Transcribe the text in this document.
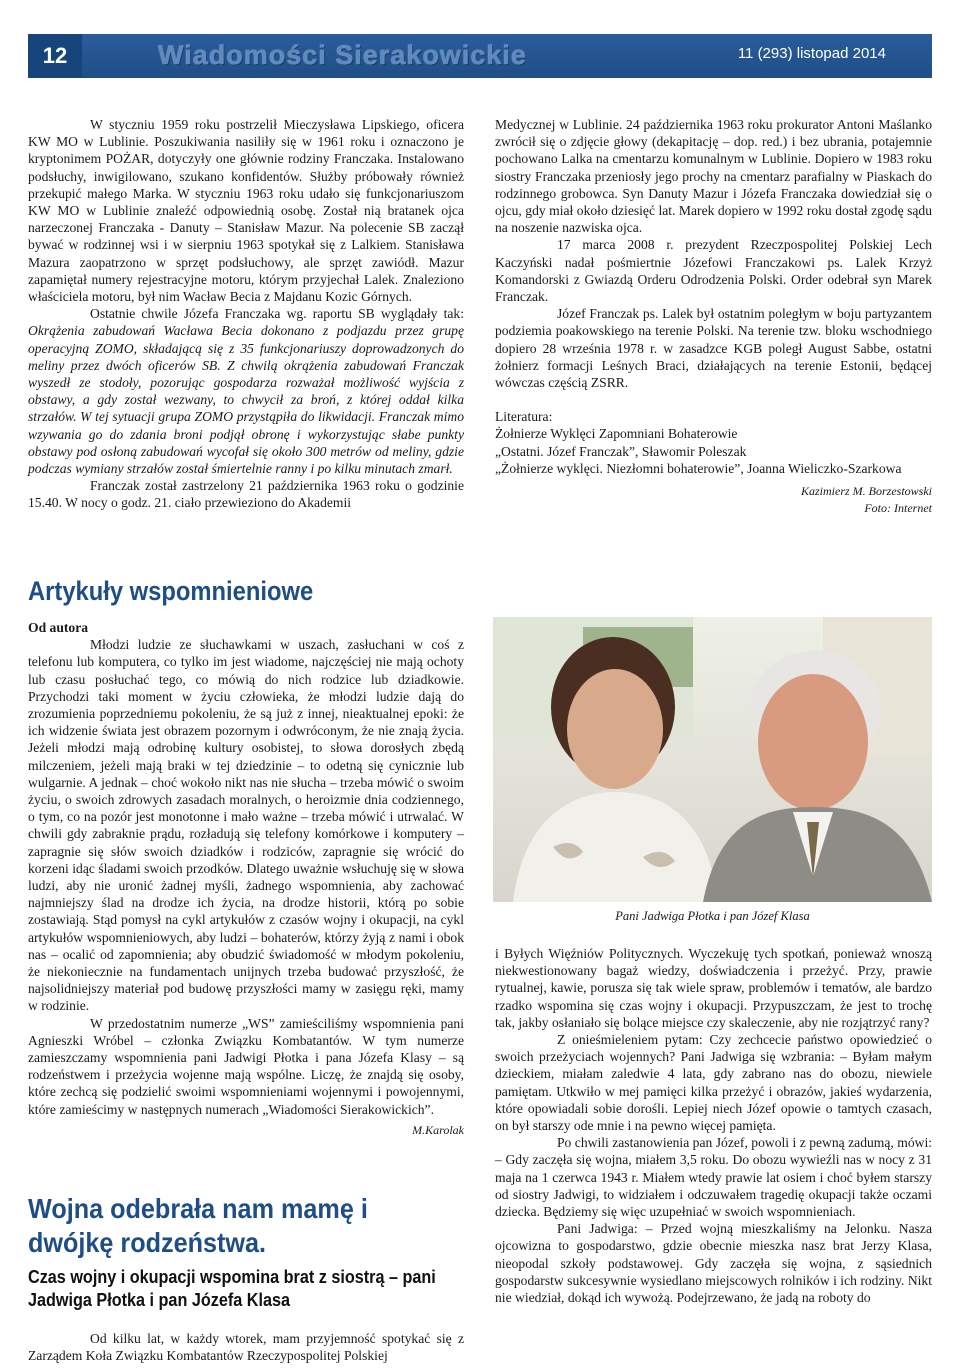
12	Wiadomości Sierakowickie	11 (293) listopad 2014

W styczniu 1959 roku postrzelił Mieczysława Lipskiego, oficera KW MO w Lublinie. Poszukiwania nasiliły się w 1961 roku i oznaczono je kryptonimem POŻAR, dotyczyły one głównie rodziny Franczaka. Instalowano podsłuchy, inwigilowano, szukano konfidentów. Służby próbowały również przekupić małego Marka. W styczniu 1963 roku udało się funkcjonariuszom KW MO w Lublinie znaleźć odpowiednią osobę. Został nią bratanek ojca narzeczonej Franczaka - Danuty – Stanisław Mazur. Na polecenie SB zaczął bywać w rodzinnej wsi i w sierpniu 1963 spotykał się z Lalkiem. Stanisława Mazura zaopatrzono w sprzęt podsłuchowy, ale sprzęt zawiódł. Mazur zapamiętał numery rejestracyjne motoru, którym przyjechał Lalek. Znaleziono właściciela motoru, był nim Wacław Becia z Majdanu Kozic Górnych.

Ostatnie chwile Józefa Franczaka wg. raportu SB wyglądały tak: Okrążenia zabudowań Wacława Becia dokonano z podjazdu przez grupę operacyjną ZOMO, składającą się z 35 funkcjonariuszy doprowadzonych do meliny przez dwóch oficerów SB. Z chwilą okrążenia zabudowań Franczak wyszedł ze stodoły, pozorując gospodarza rozważał możliwość wyjścia z obstawy, a gdy został wezwany, to chwycił za broń, z której oddał kilka strzałów. W tej sytuacji grupa ZOMO przystąpiła do likwidacji. Franczak mimo wzywania go do zdania broni podjął obronę i wykorzystując słabe punkty obstawy pod osłoną zabudowań wycofał się około 300 metrów od meliny, gdzie podczas wymiany strzałów został śmiertelnie ranny i po kilku minutach zmarł.

Franczak został zastrzelony 21 października 1963 roku o godzinie 15.40. W nocy o godz. 21. ciało przewieziono do Akademii

Medycznej w Lublinie. 24 października 1963 roku prokurator Antoni Maślanko zwrócił się o zdjęcie głowy (dekapitację – dop. red.) i bez ubrania, potajemnie pochowano Lalka na cmentarzu komunalnym w Lublinie. Dopiero w 1983 roku siostry Franczaka przeniosły jego prochy na cmentarz parafialny w Piaskach do rodzinnego grobowca. Syn Danuty Mazur i Józefa Franczaka dowiedział się o ojcu, gdy miał około dziesięć lat. Marek dopiero w 1992 roku dostał zgodę sądu na noszenie nazwiska ojca.

17 marca 2008 r. prezydent Rzeczpospolitej Polskiej Lech Kaczyński nadał pośmiertnie Józefowi Franczakowi ps. Lalek Krzyż Komandorski z Gwiazdą Orderu Odrodzenia Polski. Order odebrał syn Marek Franczak.

Józef Franczak ps. Lalek był ostatnim poległym w boju partyzantem podziemia poakowskiego na terenie Polski. Na terenie tzw. bloku wschodniego dopiero 28 września 1978 r. w zasadzce KGB poległ August Sabbe, ostatni żołnierz formacji Leśnych Braci, działających na terenie Estonii, będącej wówczas częścią ZSRR.

Literatura:

Żołnierze Wyklęci Zapomniani Bohaterowie

„Ostatni. Józef Franczak”, Sławomir Poleszak

„Żołnierze wyklęci. Niezłomni bohaterowie”, Joanna Wieliczko-Szarkowa

Kazimierz M. Borzestowski

Foto: Internet

Artykuły wspomnieniowe

Od autora

Młodzi ludzie ze słuchawkami w uszach, zasłuchani w coś z telefonu lub komputera, co tylko im jest wiadome, najczęściej nie mają ochoty lub czasu posłuchać tego, co mówią do nich rodzice lub dziadkowie. Przychodzi taki moment w życiu człowieka, że młodzi ludzie dają do zrozumienia poprzedniemu pokoleniu, że są już z innej, nieaktualnej epoki: że ich widzenie świata jest obrazem pozornym i odwróconym, że nie znają życia. Jeżeli młodzi mają odrobinę kultury osobistej, to słowa dorosłych zbędą milczeniem, jeżeli mają braki w tej dziedzinie – to odetną się cynicznie lub wulgarnie. A jednak – choć wokoło nikt nas nie słucha – trzeba mówić o swoim życiu, o swoich zdrowych zasadach moralnych, o heroizmie dnia codziennego, o tym, co na pozór jest monotonne i mało ważne – trzeba mówić i utrwalać. W chwili gdy zabraknie prądu, rozładują się telefony komórkowe i komputery – zapragnie się słów swoich dziadków i rodziców, zapragnie się wrócić do korzeni idąc śladami swoich przodków. Dlatego uważnie wsłuchuję się w słowa ludzi, aby nie uronić żadnej myśli, żadnego wspomnienia, aby zachować najmniejszy ślad na drodze ich życia, na drodze historii, którą po sobie zostawiają. Stąd pomysł na cykl artykułów z czasów wojny i okupacji, na cykl artykułów wspomnieniowych, aby ludzi – bohaterów, którzy żyją z nami i obok nas – ocalić od zapomnienia; aby obudzić świadomość w młodym pokoleniu, że niekoniecznie na fundamentach unijnych trzeba budować przyszłość, że najsolidniejszy materiał pod budowę przyszłości mamy w zasięgu ręki, mamy w rodzinie.

W przedostatnim numerze „WS” zamieściliśmy wspomnienia pani Agnieszki Wróbel – członka Związku Kombatantów. W tym numerze zamieszczamy wspomnienia pani Jadwigi Płotka i pana Józefa Klasy – są rodzeństwem i przeżycia wojenne mają wspólne. Liczę, że znajdą się osoby, które zechcą się podzielić swoimi wspomnieniami wojennymi i powojennymi, które zamieścimy w następnych numerach „Wiadomości Sierakowickich”.

M.Karolak

Wojna odebrała nam mamę i dwójkę rodzeństwa.
Czas wojny i okupacji wspomina brat z siostrą – pani Jadwiga Płotka i pan Józefa Klasa

Od kilku lat, w każdy wtorek, mam przyjemność spotykać się z Zarządem Koła Związku Kombatantów Rzeczypospolitej Polskiej

Pani Jadwiga Płotka i pan Józef Klasa

i Byłych Więźniów Politycznych. Wyczekuję tych spotkań, ponieważ wnoszą niekwestionowany bagaż wiedzy, doświadczenia i przeżyć. Przy, prawie rytualnej, kawie, porusza się tak wiele spraw, problemów i tematów, ale bardzo rzadko wspomina się czas wojny i okupacji. Przypuszczam, że jest to trochę tak, jakby osłaniało się bolące miejsce czy skaleczenie, aby nie rozjątrzyć rany?

Z onieśmieleniem pytam: Czy zechcecie państwo opowiedzieć o swoich przeżyciach wojennych? Pani Jadwiga się wzbrania: – Byłam małym dzieckiem, miałam zaledwie 4 lata, gdy zabrano nas do obozu, niewiele pamiętam. Utkwiło w mej pamięci kilka przeżyć i obrazów, jakieś wydarzenia, które opowiadali sobie dorośli. Lepiej niech Józef opowie o tamtych czasach, on był starszy ode mnie i na pewno więcej pamięta.

Po chwili zastanowienia pan Józef, powoli i z pewną zadumą, mówi: – Gdy zaczęła się wojna, miałem 3,5 roku. Do obozu wywieźli nas w nocy z 31 maja na 1 czerwca 1943 r. Miałem wtedy prawie lat osiem i choć byłem starszy od siostry Jadwigi, to widziałem i odczuwałem tragedię okupacji także oczami dziecka. Będziemy się więc uzupełniać w swoich wspomnieniach.

Pani Jadwiga: – Przed wojną mieszkaliśmy na Jelonku. Nasza ojcowizna to gospodarstwo, gdzie obecnie mieszka nasz brat Jerzy Klasa, nieopodal szkoły podstawowej. Gdy zaczęła się wojna, z sąsiednich gospodarstw sukcesywnie wysiedlano miejscowych rolników i ich rodziny. Nikt nie wiedział, dokąd ich wywożą. Podejrzewano, że jadą na roboty do
